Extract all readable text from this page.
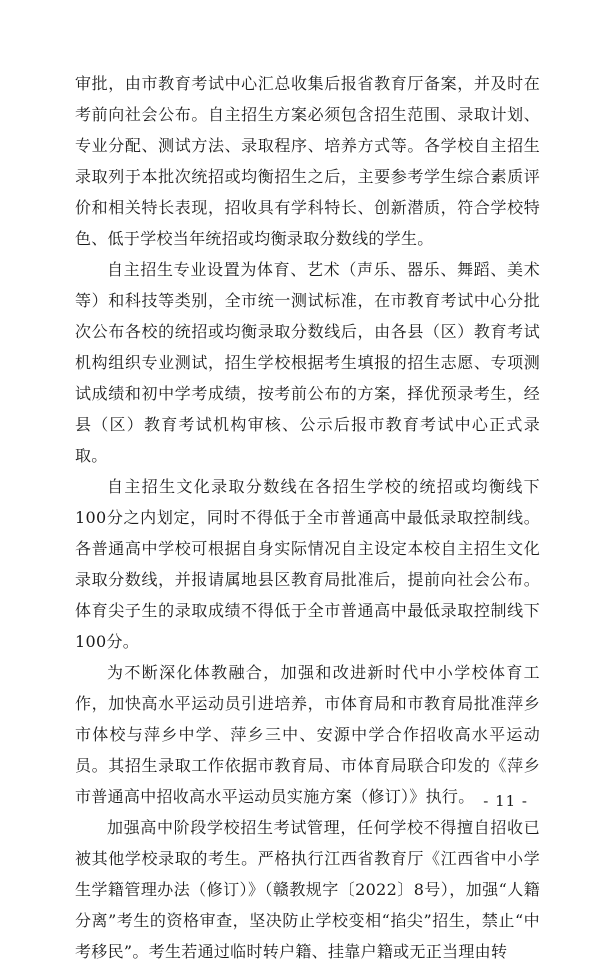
审批，由市教育考试中心汇总收集后报省教育厅备案，并及时在考前向社会公布。自主招生方案必须包含招生范围、录取计划、专业分配、测试方法、录取程序、培养方式等。各学校自主招生录取列于本批次统招或均衡招生之后，主要参考学生综合素质评价和相关特长表现，招收具有学科特长、创新潜质，符合学校特色、低于学校当年统招或均衡录取分数线的学生。

自主招生专业设置为体育、艺术（声乐、器乐、舞蹈、美术等）和科技等类别，全市统一测试标准，在市教育考试中心分批次公布各校的统招或均衡录取分数线后，由各县（区）教育考试机构组织专业测试，招生学校根据考生填报的招生志愿、专项测试成绩和初中学考成绩，按考前公布的方案，择优预录考生，经县（区）教育考试机构审核、公示后报市教育考试中心正式录取。

自主招生文化录取分数线在各招生学校的统招或均衡线下100分之内划定，同时不得低于全市普通高中最低录取控制线。各普通高中学校可根据自身实际情况自主设定本校自主招生文化录取分数线，并报请属地县区教育局批准后，提前向社会公布。体育尖子生的录取成绩不得低于全市普通高中最低录取控制线下100分。

为不断深化体教融合，加强和改进新时代中小学校体育工作，加快高水平运动员引进培养，市体育局和市教育局批准萍乡市体校与萍乡中学、萍乡三中、安源中学合作招收高水平运动员。其招生录取工作依据市教育局、市体育局联合印发的《萍乡市普通高中招收高水平运动员实施方案（修订）》执行。

加强高中阶段学校招生考试管理，任何学校不得擅自招收已被其他学校录取的考生。严格执行江西省教育厅《江西省中小学生学籍管理办法（修订）》（赣教规字〔2022〕8号），加强“人籍分离”考生的资格审查，坚决防止学校变相“掐尖”招生，禁止“中考移民”。考生若通过临时转户籍、挂靠户籍或无正当理由转

- 11 -
